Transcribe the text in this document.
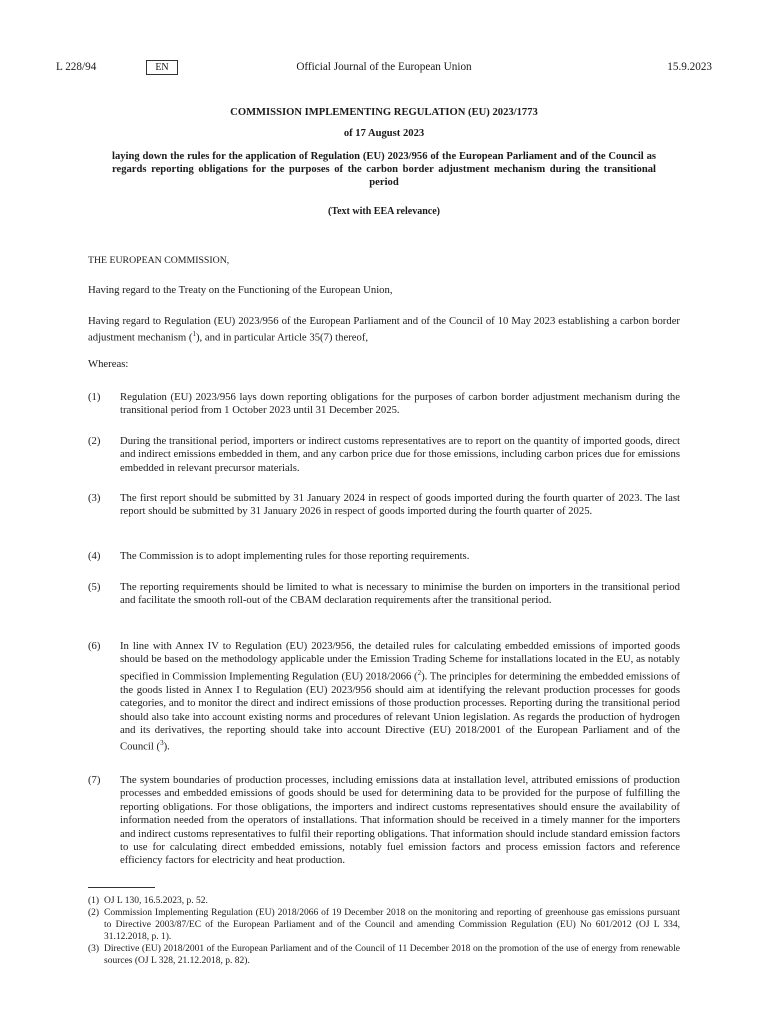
Official Journal of the European Union
L 228/94	EN	15.9.2023
COMMISSION IMPLEMENTING REGULATION (EU) 2023/1773
of 17 August 2023
laying down the rules for the application of Regulation (EU) 2023/956 of the European Parliament and of the Council as regards reporting obligations for the purposes of the carbon border adjustment mechanism during the transitional period
(Text with EEA relevance)
THE EUROPEAN COMMISSION,
Having regard to the Treaty on the Functioning of the European Union,
Having regard to Regulation (EU) 2023/956 of the European Parliament and of the Council of 10 May 2023 establishing a carbon border adjustment mechanism ($^1$), and in particular Article 35(7) thereof,
Whereas:
(1) Regulation (EU) 2023/956 lays down reporting obligations for the purposes of carbon border adjustment mechanism during the transitional period from 1 October 2023 until 31 December 2025.
(2) During the transitional period, importers or indirect customs representatives are to report on the quantity of imported goods, direct and indirect emissions embedded in them, and any carbon price due for those emissions, including carbon prices due for emissions embedded in relevant precursor materials.
(3) The first report should be submitted by 31 January 2024 in respect of goods imported during the fourth quarter of 2023. The last report should be submitted by 31 January 2026 in respect of goods imported during the fourth quarter of 2025.
(4) The Commission is to adopt implementing rules for those reporting requirements.
(5) The reporting requirements should be limited to what is necessary to minimise the burden on importers in the transitional period and facilitate the smooth roll-out of the CBAM declaration requirements after the transitional period.
(6) In line with Annex IV to Regulation (EU) 2023/956, the detailed rules for calculating embedded emissions of imported goods should be based on the methodology applicable under the Emission Trading Scheme for installations located in the EU, as notably specified in Commission Implementing Regulation (EU) 2018/2066 ($^2$). The principles for determining the embedded emissions of the goods listed in Annex I to Regulation (EU) 2023/956 should aim at identifying the relevant production processes for goods categories, and to monitor the direct and indirect emissions of those production processes. Reporting during the transitional period should also take into account existing norms and procedures of relevant Union legislation. As regards the production of hydrogen and its derivatives, the reporting should take into account Directive (EU) 2018/2001 of the European Parliament and of the Council ($^3$).
(7) The system boundaries of production processes, including emissions data at installation level, attributed emissions of production processes and embedded emissions of goods should be used for determining data to be provided for the purpose of fulfilling the reporting obligations. For those obligations, the importers and indirect customs representatives should ensure the availability of information needed from the operators of installations. That information should be received in a timely manner for the importers and indirect customs representatives to fulfil their reporting obligations. That information should include standard emission factors to use for calculating direct embedded emissions, notably fuel emission factors and process emission factors and reference efficiency factors for electricity and heat production.
(1) OJ L 130, 16.5.2023, p. 52.
(2) Commission Implementing Regulation (EU) 2018/2066 of 19 December 2018 on the monitoring and reporting of greenhouse gas emissions pursuant to Directive 2003/87/EC of the European Parliament and of the Council and amending Commission Regulation (EU) No 601/2012 (OJ L 334, 31.12.2018, p. 1).
(3) Directive (EU) 2018/2001 of the European Parliament and of the Council of 11 December 2018 on the promotion of the use of energy from renewable sources (OJ L 328, 21.12.2018, p. 82).
